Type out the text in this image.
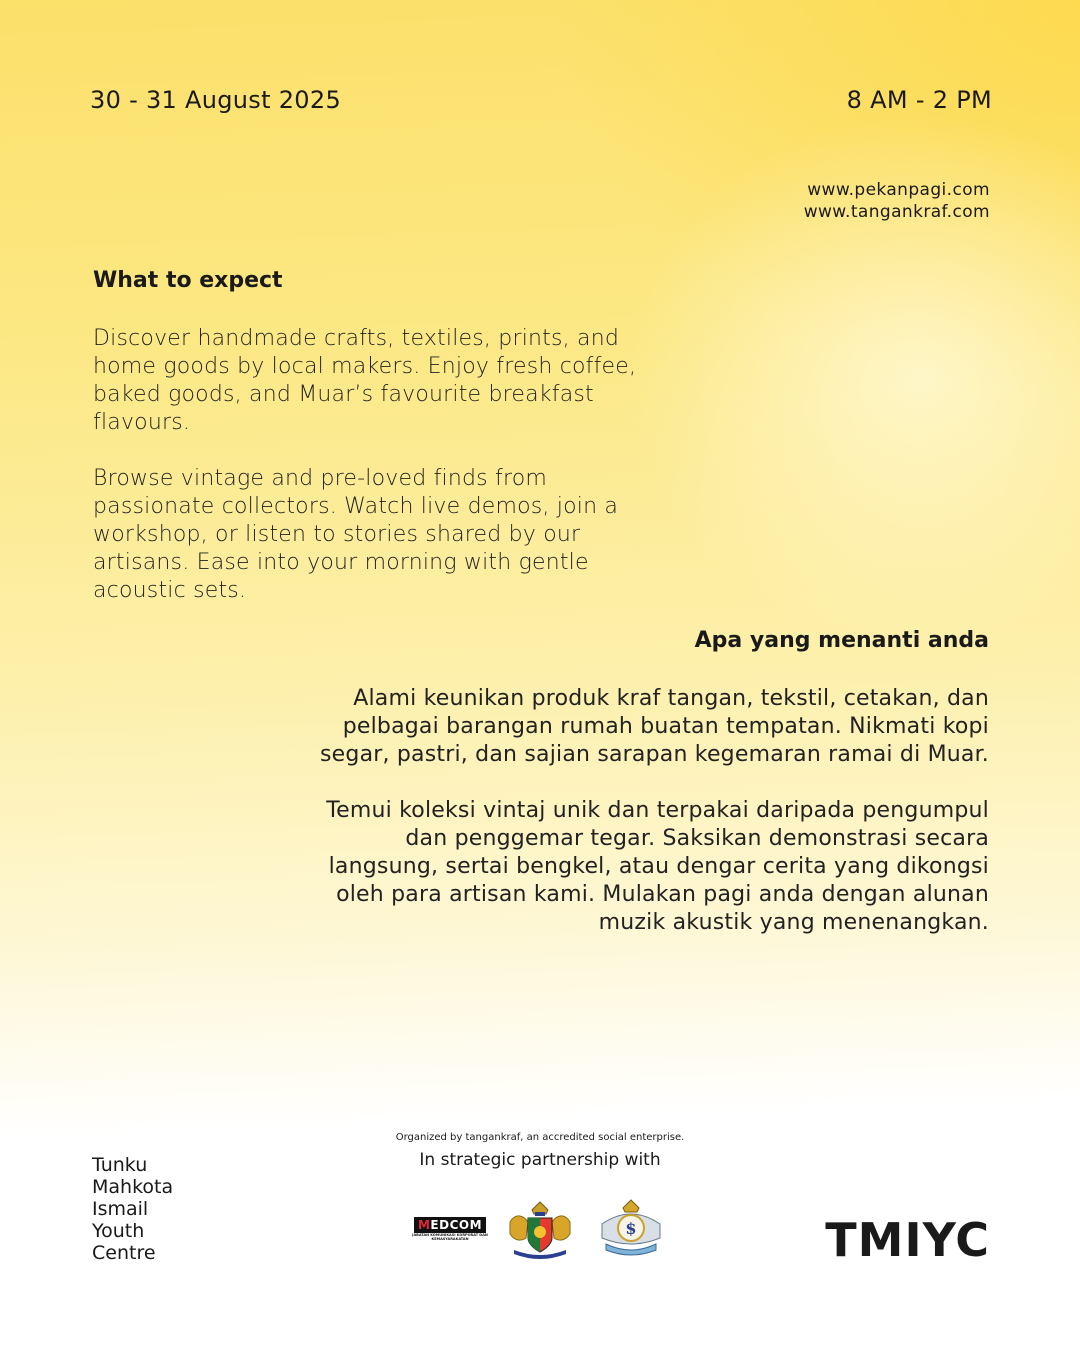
30 - 31 August 2025	8 AM - 2 PM
www.pekanpagi.com
www.tangankraf.com
What to expect
Discover handmade crafts, textiles, prints, and
home goods by local makers. Enjoy fresh coffee,
baked goods, and Muar’s favourite breakfast
flavours.
Browse vintage and pre-loved finds from
passionate collectors. Watch live demos, join a
workshop, or listen to stories shared by our
artisans. Ease into your morning with gentle
acoustic sets.
Apa yang menanti anda
Alami keunikan produk kraf tangan, tekstil, cetakan, dan
pelbagai barangan rumah buatan tempatan. Nikmati kopi
segar, pastri, dan sajian sarapan kegemaran ramai di Muar.
Temui koleksi vintaj unik dan terpakai daripada pengumpul
dan penggemar tegar. Saksikan demonstrasi secara
langsung, sertai bengkel, atau dengar cerita yang dikongsi
oleh para artisan kami. Mulakan pagi anda dengan alunan
muzik akustik yang menenangkan.
Tunku
Mahkota
Ismail
Youth
Centre
Organized by tangankraf, an accredited social enterprise.
In strategic partnership with
MEDCOM
JABATAN KOMUNIKASI KORPORAT DAN KEMASYARAKATAN
$	TMIYC
